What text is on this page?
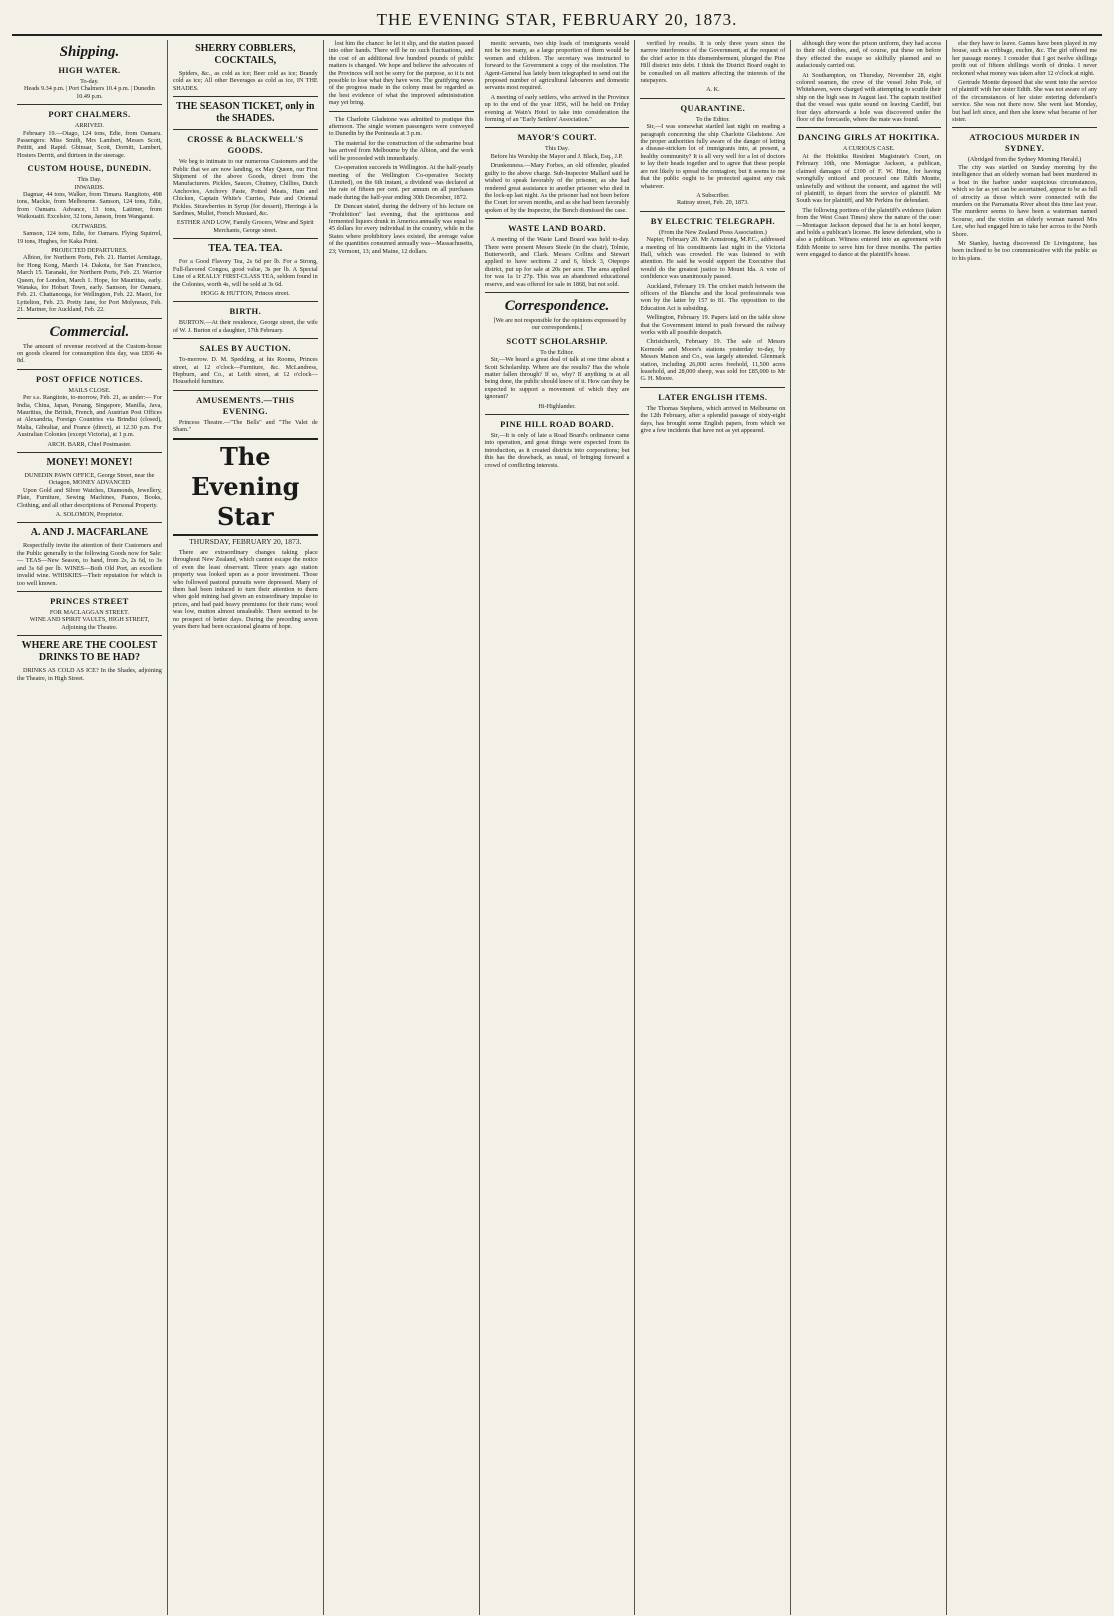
THE EVENING STAR, FEBRUARY 20, 1873.
Shipping.
HIGH WATER.
To-day.
Heads 9.34 p.m. | Port Chalmers 10.4 p.m. | Dunedin 10.49 p.m.
PORT CHALMERS.
ARRIVED.

February 19.—Otago, 124 tons, Edie, from Oamaru. Passengers: Miss Smith, Mrs Lambert, Messrs Scott, Pettitt, and Rapid. Gbinuar, Scott, Dornitt, Lambert, Hosters Derritt, and thirteen in the steerage.

CUSTOM HOUSE, DUNEDIN.
This Day.
INWARDS.

Dagmar, 44 tons, Walker, from Timaru. Rangitoto, 498 tons, Mackie, from Melbourne. Samson, 124 tons, Edie, from Oamaru. Advance, 13 tons, Latimer, from Waikouaiti. Excelsior, 32 tons, Janson, from Wanganui.

OUTWARDS.

Samson, 124 tons, Edie, for Oamaru. Flying Squirrel, 19 tons, Hughes, for Kaka Point.

PROJECTED DEPARTURES.

Albion, for Northern Ports, Feb. 21. Harriet Armitage, for Hong Kong, March 14. Dakota, for San Francisco, March 15. Taranaki, for Northern Ports, Feb. 23. Warrior Queen, for London, March 1. Hope, for Mauritius, early. Wanaka, for Hobart Town, early. Samson, for Oamaru, Feb. 21. Chattanooga, for Wellington, Feb. 22. Maori, for Lyttelton, Feb. 23. Pretty Jane, for Port Molyneux, Feb. 21. Mariner, for Auckland, Feb. 22.

Commercial.

The amount of revenue received at the Custom-house on goods cleared for consumption this day, was £836 4s 8d.

POST OFFICE NOTICES.
MAILS CLOSE.

Per s.s. Rangitoto, to-morrow, Feb. 21, as under:— For India, China, Japan, Penang, Singapore, Manilla, Java, Mauritius, the British, French, and Austrian Post Offices at Alexandria, Foreign Countries via Brindisi (closed), Malta, Gibraltar, and France (direct), at 12.30 p.m. For Australian Colonies (except Victoria), at 1 p.m.

ARCH. BARR, Chief Postmaster.
MONEY! MONEY!
DUNEDIN PAWN OFFICE, George Street, near the Octagon, MONEY ADVANCED

Upon Gold and Silver Watches, Diamonds, Jewellery, Plate, Furniture, Sewing Machines, Pianos, Books, Clothing, and all other descriptions of Personal Property.

A. SOLOMON, Proprietor.
A. AND J. MACFARLANE

Respectfully invite the attention of their Customers and the Public generally to the following Goods now for Sale:— TEAS—New Season, to hand, from 2s, 2s 6d, to 3s and 3s 6d per lb. WINES—Both Old Port, an excellent invalid wine. WHISKIES—Their reputation for which is too well known.

PRINCES STREET
FOR MACLAGGAN STREET.
WINE AND SPIRIT VAULTS, HIGH STREET, Adjoining the Theatre.
WHERE ARE THE COOLEST DRINKS TO BE HAD?

DRINKS AS COLD AS ICE? In the Shades, adjoining the Theatre, in High Street.

SHERRY COBBLERS, COCKTAILS,

Spiders, &c., as cold as ice; Beer cold as ice; Brandy cold as ice; All other Beverages as cold as ice, IN THE SHADES.

THE SEASON TICKET, only in the SHADES.
CROSSE & BLACKWELL'S GOODS.

We beg to intimate to our numerous Customers and the Public that we are now landing, ex May Queen, our First Shipment of the above Goods, direct from the Manufacturers. Pickles, Sauces, Chutney, Chillies, Dutch Anchovies, Anchovy Paste, Potted Meats, Ham and Chicken, Captain White's Curries, Pate and Oriental Pickles. Strawberries in Syrup (for dessert), Herrings à la Sardines, Mullet, French Mustard, &c.

ESTHER AND LOW, Family Grocers, Wine and Spirit Merchants, George street.
TEA. TEA. TEA.

For a Good Flavory Tea, 2s 6d per lb. For a Strong, Full-flavored Congou, good value, 3s per lb. A Special Line of a REALLY FIRST-CLASS TEA, seldom found in the Colonies, worth 4s, will be sold at 3s 6d.

HOGG & HUTTON, Princes street.
BIRTH.

BURTON.—At their residence, George street, the wife of W. J. Burton of a daughter, 17th February.

SALES BY AUCTION.

To-morrow. D. M. Spedding, at his Rooms, Princes street, at 12 o'clock—Furniture, &c. McLandress, Hepburn, and Co., at Leith street, at 12 o'clock—Household furniture.

AMUSEMENTS.—THIS EVENING.

Princess Theatre.—"The Bells" and "The Valet de Sham."

The Evening Star
THURSDAY, FEBRUARY 20, 1873.

There are extraordinary changes taking place throughout New Zealand, which cannot escape the notice of even the least observant. Three years ago station property was looked upon as a poor investment. Those who followed pastoral pursuits were depressed. Many of them had been induced to turn their attention to them when gold mining had given an extraordinary impulse to prices, and had paid heavy premiums for their runs; wool was low, mutton almost unsaleable. There seemed to be no prospect of better days. During the preceding seven years there had been occasional gleams of hope.

lost him the chance: he let it slip, and the station passed into other hands. There will be no such fluctuations, and the cost of an additional few hundred pounds of public matters is changed. We hope and believe the advocates of the Provinces will not be sorry for the purpose, so it is not possible to lose what they have won. The gratifying news of the progress made in the colony must be regarded as the best evidence of what the improved administration may yet bring.

The Charlotte Gladstone was admitted to pratique this afternoon. The single women passengers were conveyed to Dunedin by the Peninsula at 3 p.m.

The material for the construction of the submarine boat has arrived from Melbourne by the Albion, and the work will be proceeded with immediately.

Co-operation succeeds in Wellington. At the half-yearly meeting of the Wellington Co-operative Society (Limited), on the 6th instant, a dividend was declared at the rate of fifteen per cent. per annum on all purchases made during the half-year ending 30th December, 1872.

Dr Duncan stated, during the delivery of his lecture on "Prohibition" last evening, that the spirituous and fermented liquors drunk in America annually was equal to 45 dollars for every individual in the country, while in the States where prohibitory laws existed, the average value of the quantities consumed annually was—Massachusetts, 23; Vermont, 13; and Maine, 12 dollars.

mestic servants, two ship loads of immigrants would not be too many, as a large proportion of them would be women and children. The secretary was instructed to forward to the Government a copy of the resolution. The Agent-General has lately been telegraphed to send out the proposed number of agricultural labourers and domestic servants most required.

A meeting of early settlers, who arrived in the Province up to the end of the year 1856, will be held on Friday evening at Wain's Hotel to take into consideration the forming of an "Early Settlers' Association."

MAYOR'S COURT.
This Day.

Before his Worship the Mayor and J. Black, Esq., J.P.

Drunkenness.—Mary Forbes, an old offender, pleaded guilty to the above charge. Sub-Inspector Mallard said he wished to speak favorably of the prisoner, as she had rendered great assistance to another prisoner who died in the lock-up last night. As the prisoner had not been before the Court for seven months, and as she had been favorably spoken of by the Inspector, the Bench dismissed the case.

WASTE LAND BOARD.

A meeting of the Waste Land Board was held to-day. There were present Messrs Steele (in the chair), Tolmie, Butterworth, and Clark. Messrs Collins and Stewart applied to have sections 2 and 6, block 3, Otepopo district, put up for sale at 20s per acre. The area applied for was 1a 1r 27p. This was an abandoned educational reserve, and was offered for sale in 1868, but not sold.

Correspondence.

[We are not responsible for the opinions expressed by our correspondents.]

SCOTT SCHOLARSHIP.
To the Editor.

Sir,—We heard a great deal of talk at one time about a Scott Scholarship. Where are the results? Has the whole matter fallen through? If so, why? If anything is at all being done, the public should know of it. How can they be expected to support a movement of which they are ignorant?

Hi-Highlander.
PINE HILL ROAD BOARD.

Sir,—It is only of late a Road Board's ordinance came into operation, and great things were expected from its introduction, as it created districts into corporations; but this has the drawback, as usual, of bringing forward a crowd of conflicting interests.

verified by results. It is only three years since the narrow interference of the Government, at the request of the chief actor in this dismemberment, plunged the Pine Hill district into debt. I think the District Board ought to be consulted on all matters affecting the interests of the ratepayers.

A. K.
QUARANTINE.
To the Editor.

Sir,—I was somewhat startled last night on reading a paragraph concerning the ship Charlotte Gladstone. Are the proper authorities fully aware of the danger of letting a disease-stricken lot of immigrants into, at present, a healthy community? It is all very well for a lot of doctors to lay their heads together and to agree that these people are not likely to spread the contagion; but it seems to me that the public ought to be protected against any risk whatever.

A Subscriber.
Rattray street, Feb. 20, 1873.
BY ELECTRIC TELEGRAPH.
(From the New Zealand Press Association.)

Napier, February 20. Mr Armstrong, M.P.C., addressed a meeting of his constituents last night in the Victoria Hall, which was crowded. He was listened to with attention. He said he would support the Executive that would do the greatest justice to Mount Ida. A vote of confidence was unanimously passed.

Auckland, February 19. The cricket match between the officers of the Blanche and the local professionals was won by the latter by 157 to 81. The opposition to the Education Act is subsiding.

Wellington, February 19. Papers laid on the table show that the Government intend to push forward the railway works with all possible despatch.

Christchurch, February 19. The sale of Messrs Kermode and Moore's stations yesterday to-day, by Messrs Matson and Co., was largely attended. Glenmark station, including 26,000 acres freehold, 11,500 acres leasehold, and 28,000 sheep, was sold for £85,000 to Mr G. H. Moore.

LATER ENGLISH ITEMS.

The Thomas Stephens, which arrived in Melbourne on the 12th February, after a splendid passage of sixty-eight days, has brought some English papers, from which we give a few incidents that have not as yet appeared.

although they wore the prison uniform, they had access to their old clothes, and, of course, put these on before they effected the escape so skilfully planned and so audaciously carried out.

At Southampton, on Thursday, November 28, eight colored seamen, the crew of the vessel John Pole, of Whitehaven, were charged with attempting to scuttle their ship on the high seas in August last. The captain testified that the vessel was quite sound on leaving Cardiff, but four days afterwards a hole was discovered under the floor of the forecastle, where the mate was found.

DANCING GIRLS AT HOKITIKA.
A CURIOUS CASE.

At the Hokitika Resident Magistrate's Court, on February 10th, one Montague Jackson, a publican, claimed damages of £100 of F. W. Hine, for having wrongfully enticed and procured one Edith Montte, unlawfully and without the consent, and against the will of plaintiff, to depart from the service of plaintiff. Mr South was for plaintiff, and Mr Perkins for defendant.

The following portions of the plaintiff's evidence (taken from the West Coast Times) show the nature of the case:—Montague Jackson deposed that he is an hotel keeper, and holds a publican's license. He knew defendant, who is also a publican. Witness entered into an agreement with Edith Montte to serve him for three months. The parties were engaged to dance at the plaintiff's house.

else they have to leave. Games have been played in my house, such as cribbage, euchre, &c. The girl offered me her passage money. I consider that I got twelve shillings profit out of fifteen shillings worth of drinks. I never reckoned what money was taken after 12 o'clock at night.

Gertrude Montte deposed that she went into the service of plaintiff with her sister Edith. She was not aware of any of the circumstances of her sister entering defendant's service. She was not there now. She went last Monday, but had left since, and then she knew what became of her sister.

ATROCIOUS MURDER IN SYDNEY.
(Abridged from the Sydney Morning Herald.)

The city was startled on Sunday morning by the intelligence that an elderly woman had been murdered in a boat in the harbor under suspicious circumstances, which so far as yet can be ascertained, appear to be as full of atrocity as those which were connected with the murders on the Parramatta River about this time last year. The murderer seems to have been a waterman named Scourse, and the victim an elderly woman named Mrs Lee, who had engaged him to take her across to the North Shore.

Mr Stanley, having discovered Dr Livingstone, has been inclined to be too communicative with the public as to his plans.
